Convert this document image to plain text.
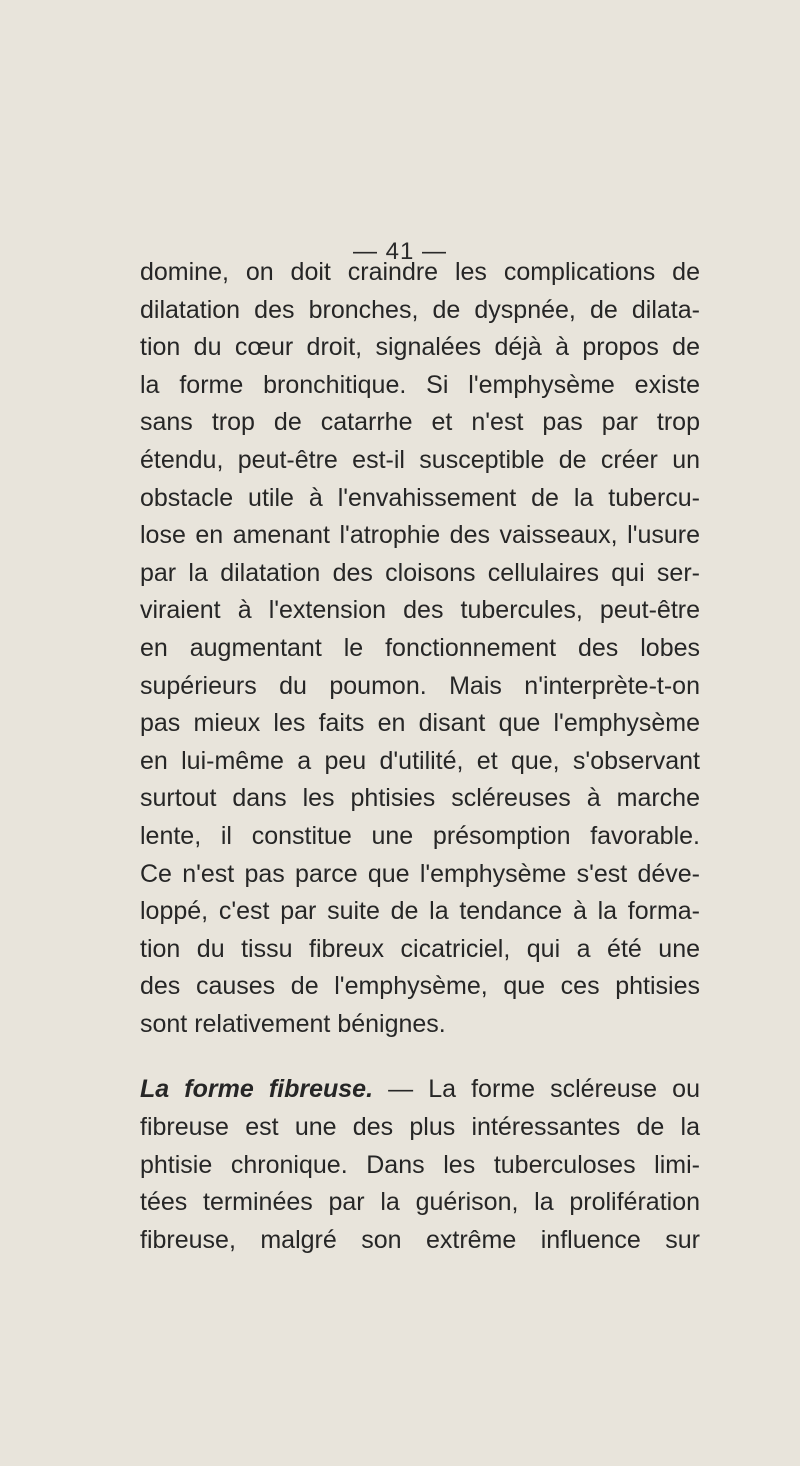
— 41 —
domine, on doit craindre les complications de
dilatation des bronches, de dyspnée, de dilata-
tion du cœur droit, signalées déjà à propos de
la forme bronchitique. Si l'emphysème existe
sans trop de catarrhe et n'est pas par trop
étendu, peut-être est-il susceptible de créer un
obstacle utile à l'envahissement de la tubercu-
lose en amenant l'atrophie des vaisseaux, l'usure
par la dilatation des cloisons cellulaires qui ser-
viraient à l'extension des tubercules, peut-être
en augmentant le fonctionnement des lobes
supérieurs du poumon. Mais n'interprète-t-on
pas mieux les faits en disant que l'emphysème
en lui-même a peu d'utilité, et que, s'observant
surtout dans les phtisies scléreuses à marche
lente, il constitue une présomption favorable.
Ce n'est pas parce que l'emphysème s'est déve-
loppé, c'est par suite de la tendance à la forma-
tion du tissu fibreux cicatriciel, qui a été une
des causes de l'emphysème, que ces phtisies
sont relativement bénignes.
La forme fibreuse. — La forme scléreuse ou
fibreuse est une des plus intéressantes de la
phtisie chronique. Dans les tuberculoses limi-
tées terminées par la guérison, la prolifération
fibreuse, malgré son extrême influence sur
